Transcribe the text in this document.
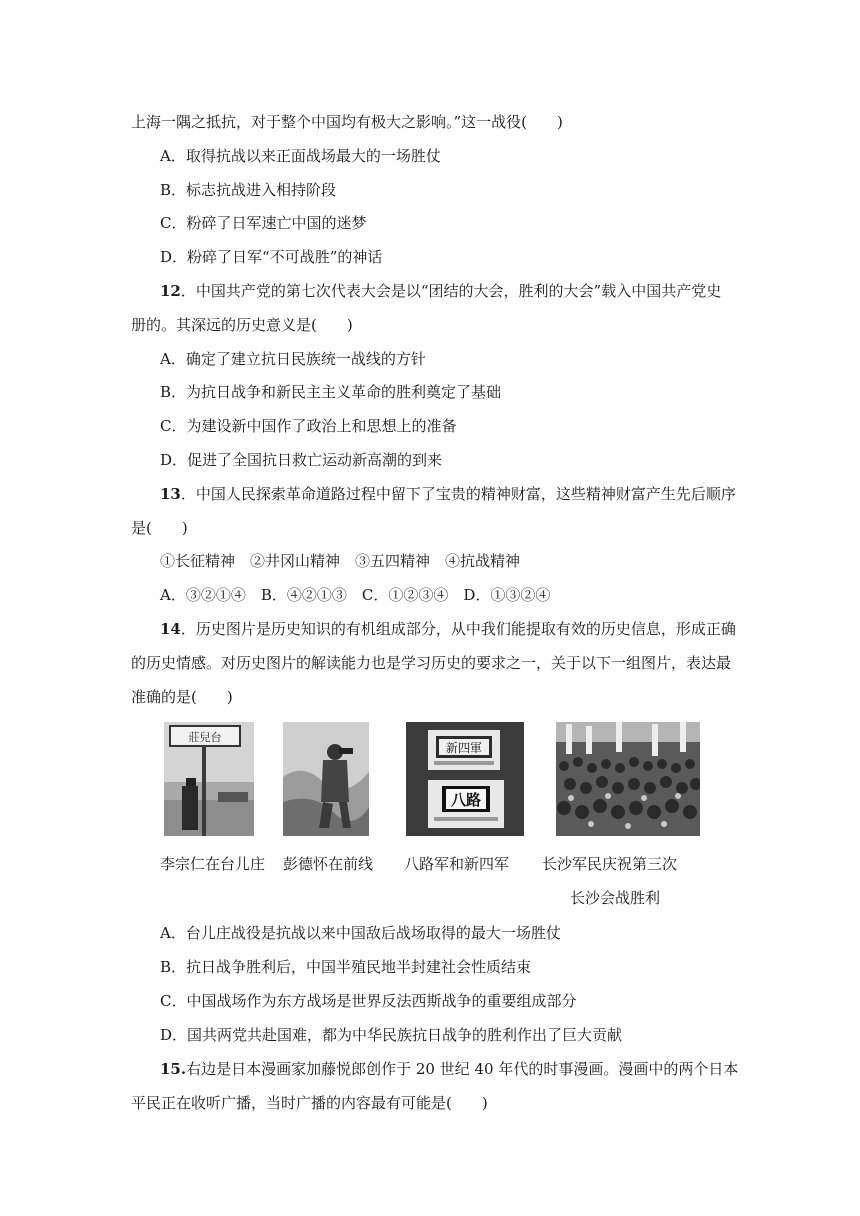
上海一隅之抵抗，对于整个中国均有极大之影响。”这一战役(　　)
A．取得抗战以来正面战场最大的一场胜仗
B．标志抗战进入相持阶段
C．粉碎了日军速亡中国的迷梦
D．粉碎了日军“不可战胜”的神话
12．中国共产党的第七次代表大会是以“团结的大会，胜利的大会”载入中国共产党史
册的。其深远的历史意义是(　　)
A．确定了建立抗日民族统一战线的方针
B．为抗日战争和新民主主义革命的胜利奠定了基础
C．为建设新中国作了政治上和思想上的准备
D．促进了全国抗日救亡运动新高潮的到来
13．中国人民探索革命道路过程中留下了宝贵的精神财富，这些精神财富产生先后顺序
是(　　)
①长征精神　②井冈山精神　③五四精神　④抗战精神
A．③②①④　B．④②①③　C．①②③④　D．①③②④
14．历史图片是历史知识的有机组成部分，从中我们能提取有效的历史信息，形成正确
的历史情感。对历史图片的解读能力也是学习历史的要求之一，关于以下一组图片，表达最
准确的是(　　)
莊兒台
新四軍
八路
李宗仁在台儿庄 彭德怀在前线 八路军和新四军 长沙军民庆祝第三次
长沙会战胜利
A．台儿庄战役是抗战以来中国敌后战场取得的最大一场胜仗
B．抗日战争胜利后，中国半殖民地半封建社会性质结束
C．中国战场作为东方战场是世界反法西斯战争的重要组成部分
D．国共两党共赴国难，都为中华民族抗日战争的胜利作出了巨大贡献
15.右边是日本漫画家加藤悦郎创作于 20 世纪 40 年代的时事漫画。漫画中的两个日本
平民正在收听广播，当时广播的内容最有可能是(　　)
